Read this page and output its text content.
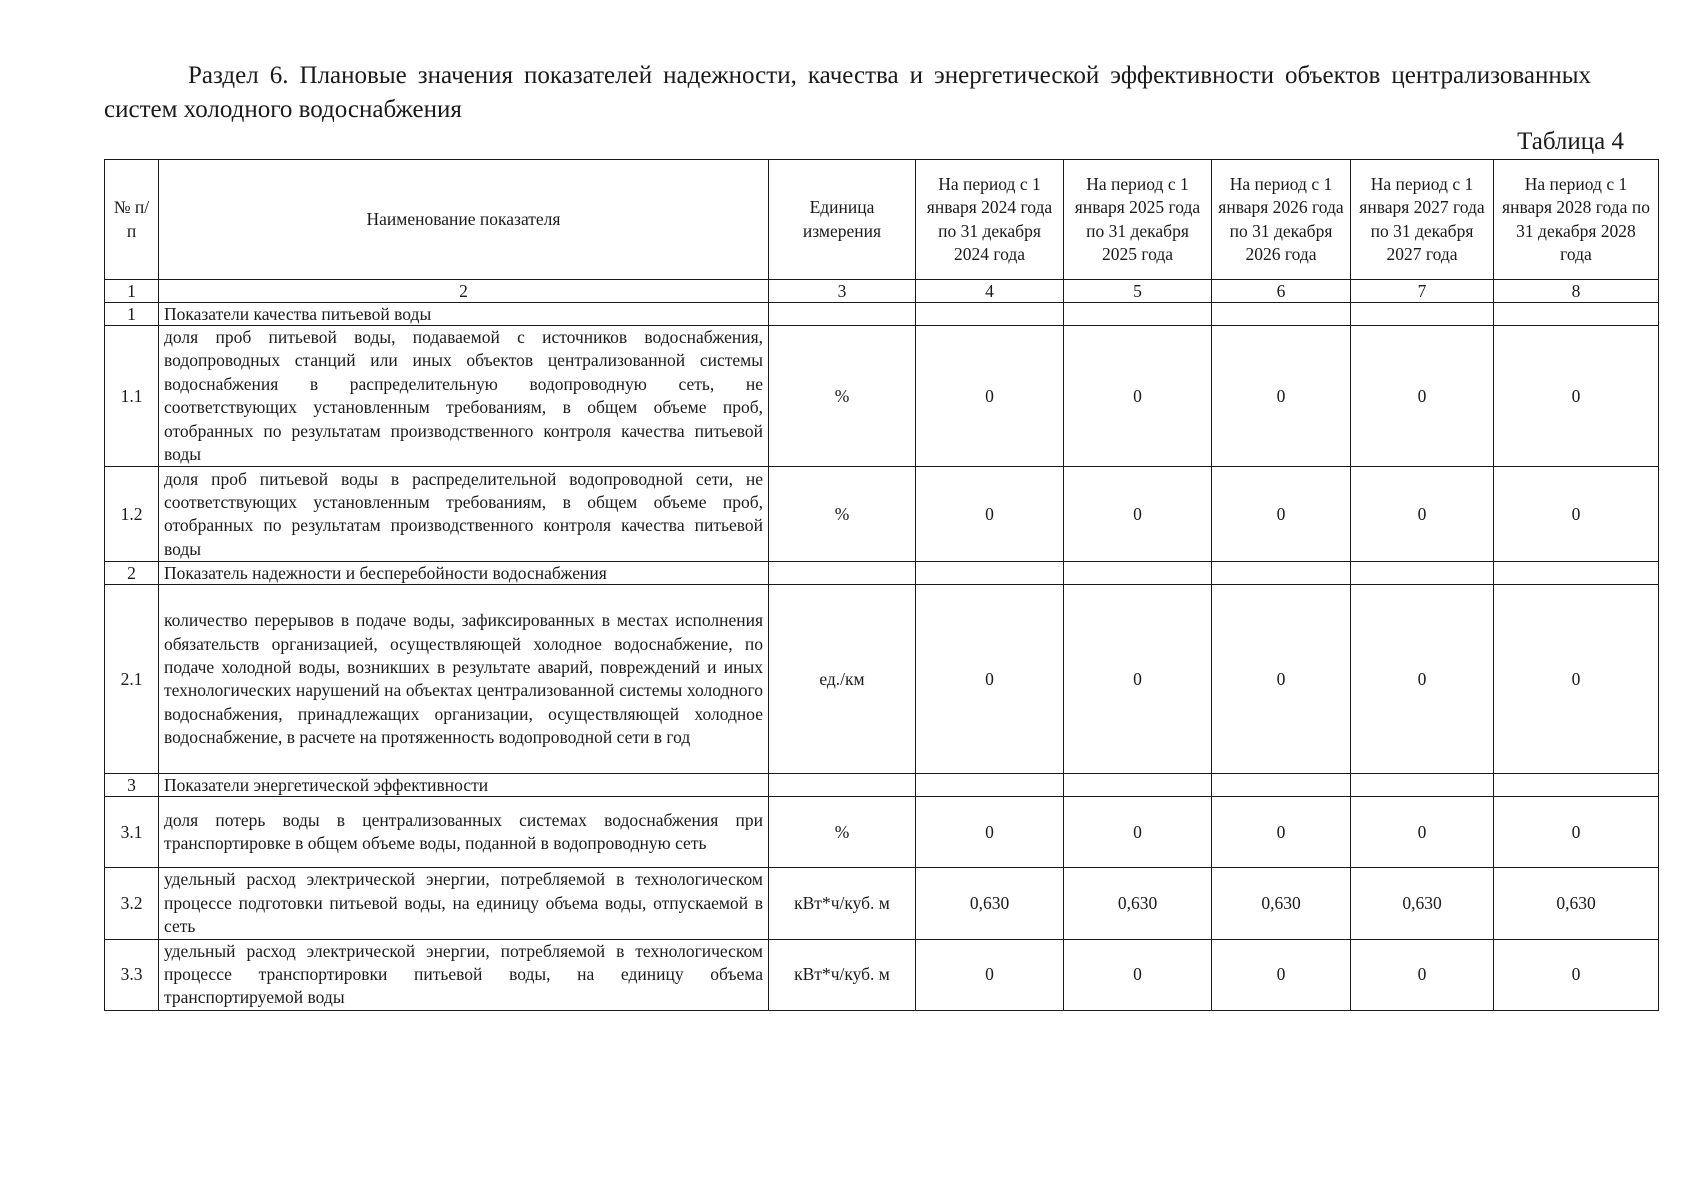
Раздел 6. Плановые значения показателей надежности, качества и энергетической эффективности объектов централизованных систем холодного водоснабжения

Таблица 4
№ п/п	Наименование показателя	Единица измерения	На период с 1 января 2024 года по 31 декабря 2024 года	На период с 1 января 2025 года по 31 декабря 2025 года	На период с 1 января 2026 года по 31 декабря 2026 года	На период с 1 января 2027 года по 31 декабря 2027 года	На период с 1 января 2028 года по 31 декабря 2028 года
1	2	3	4	5	6	7	8
1	Показатели качества питьевой воды						
1.1	доля проб питьевой воды, подаваемой с источников водоснабжения, водопроводных станций или иных объектов централизованной системы водоснабжения в распределительную водопроводную сеть, не соответствующих установленным требованиям, в общем объеме проб, отобранных по результатам производственного контроля качества питьевой воды	%	0	0	0	0	0
1.2	доля проб питьевой воды в распределительной водопроводной сети, не соответствующих установленным требованиям, в общем объеме проб, отобранных по результатам производственного контроля качества питьевой воды	%	0	0	0	0	0
2	Показатель надежности и бесперебойности водоснабжения						
2.1	количество перерывов в подаче воды, зафиксированных в местах исполнения обязательств организацией, осуществляющей холодное водоснабжение, по подаче холодной воды, возникших в результате аварий, повреждений и иных технологических нарушений на объектах централизованной системы холодного водоснабжения, принадлежащих организации, осуществляющей холодное водоснабжение, в расчете на протяженность водопроводной сети в год	ед./км	0	0	0	0	0
3	Показатели энергетической эффективности						
3.1	доля потерь воды в централизованных системах водоснабжения при транспортировке в общем объеме воды, поданной в водопроводную сеть	%	0	0	0	0	0
3.2	удельный расход электрической энергии, потребляемой в технологическом процессе подготовки питьевой воды, на единицу объема воды, отпускаемой в сеть	кВт*ч/куб. м	0,630	0,630	0,630	0,630	0,630
3.3	удельный расход электрической энергии, потребляемой в технологическом процессе транспортировки питьевой воды, на единицу объема транспортируемой воды	кВт*ч/куб. м	0	0	0	0	0
